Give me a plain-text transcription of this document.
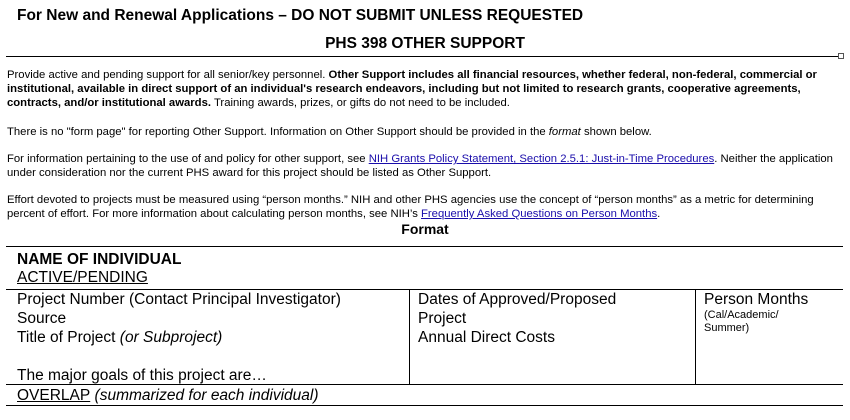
For New and Renewal Applications – DO NOT SUBMIT UNLESS REQUESTED
PHS 398 OTHER SUPPORT
Provide active and pending support for all senior/key personnel. Other Support includes all financial resources, whether federal, non-federal, commercial or institutional, available in direct support of an individual's research endeavors, including but not limited to research grants, cooperative agreements, contracts, and/or institutional awards. Training awards, prizes, or gifts do not need to be included.
There is no "form page" for reporting Other Support. Information on Other Support should be provided in the format shown below.
For information pertaining to the use of and policy for other support, see NIH Grants Policy Statement, Section 2.5.1: Just-in-Time Procedures. Neither the application under consideration nor the current PHS award for this project should be listed as Other Support.
Effort devoted to projects must be measured using “person months.” NIH and other PHS agencies use the concept of “person months” as a metric for determining percent of effort. For more information about calculating person months, see NIH’s Frequently Asked Questions on Person Months.
Format
NAME OF INDIVIDUAL
ACTIVE/PENDING
Project Number (Contact Principal Investigator)
Source
Title of Project (or Subproject)
The major goals of this project are…
Dates of Approved/Proposed
Project
Annual Direct Costs
Person Months
(Cal/Academic/ Summer)
OVERLAP (summarized for each individual)
